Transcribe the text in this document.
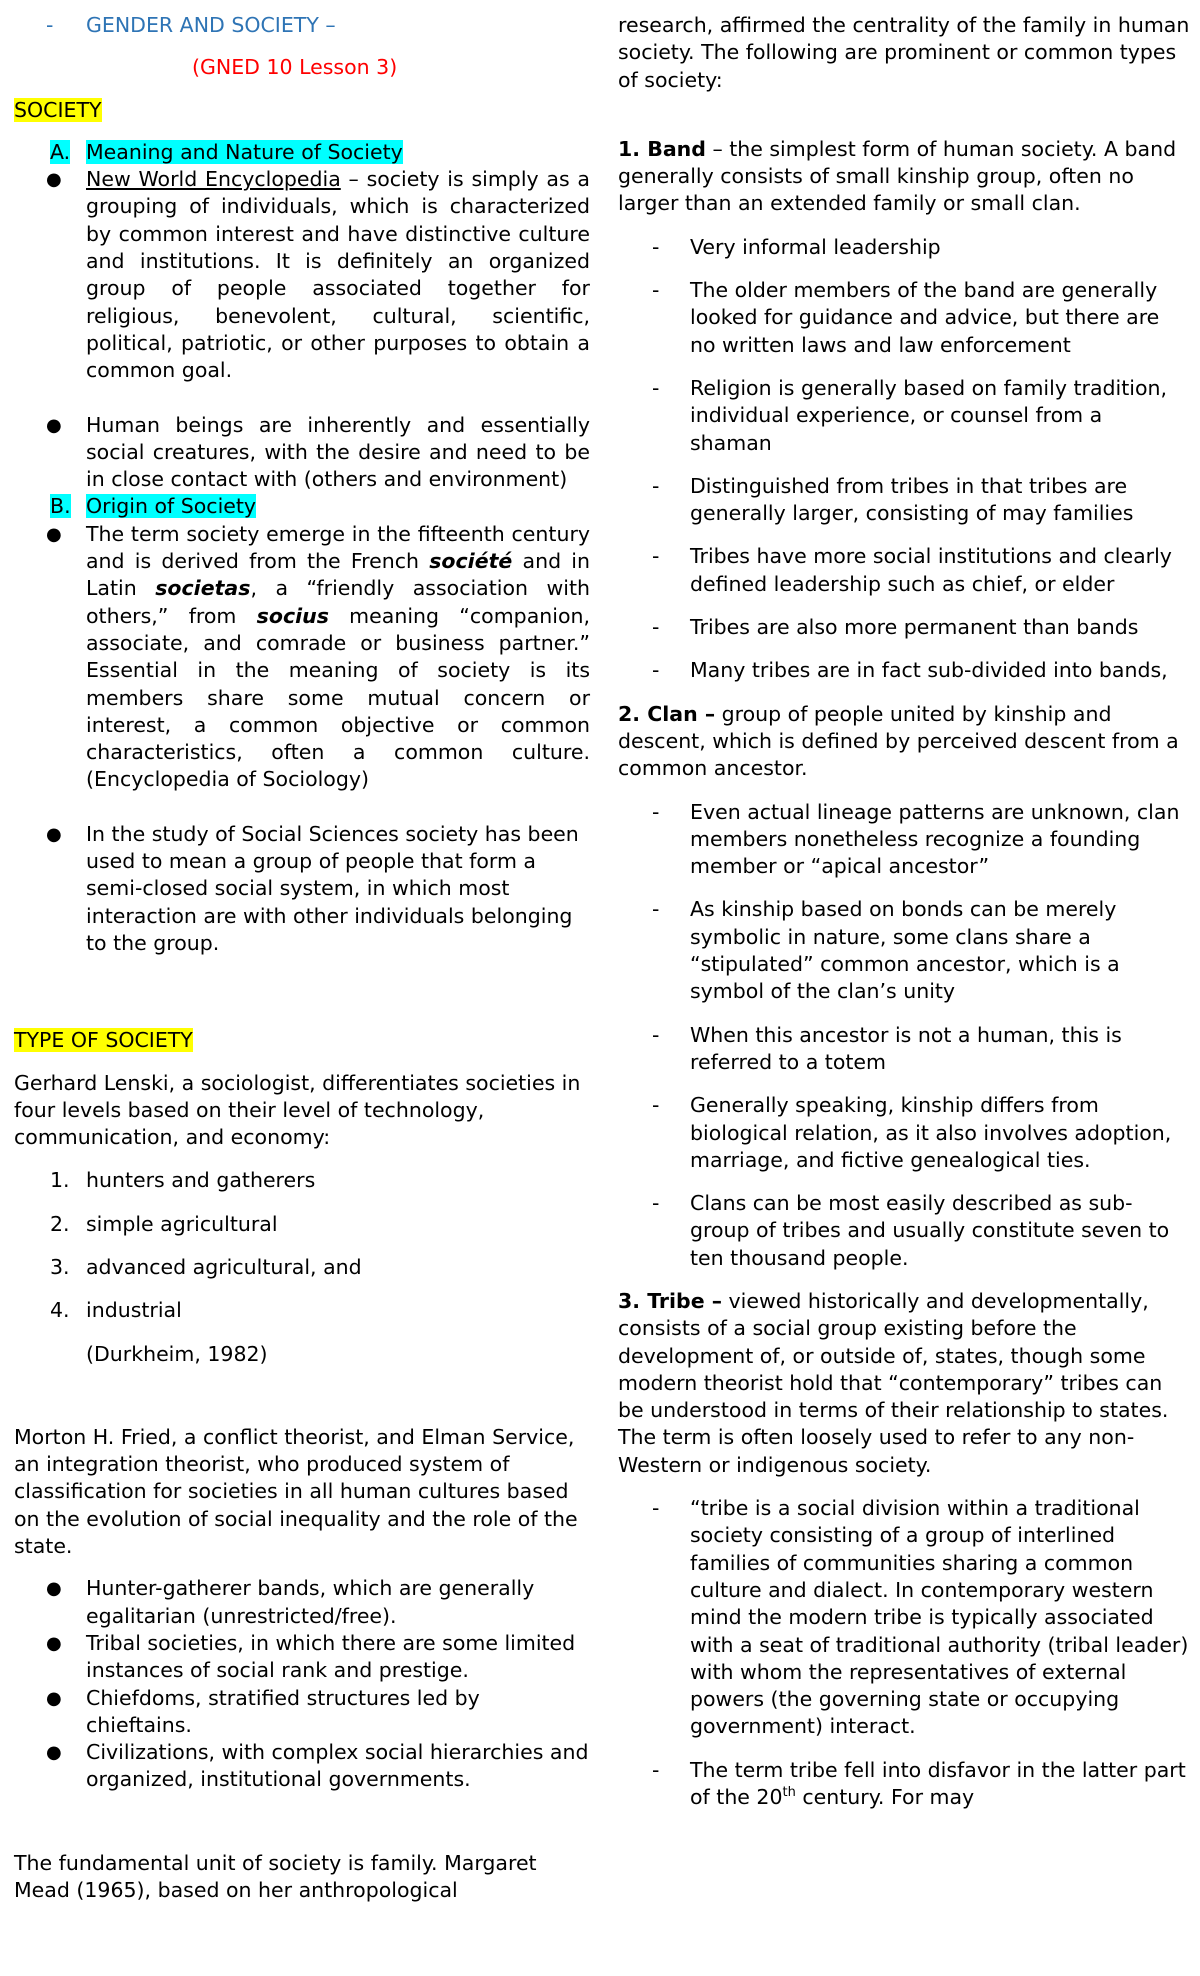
-	GENDER AND SOCIETY –

(GNED 10 Lesson 3)

SOCIETY

A. Meaning and Nature of Society
●	New World Encyclopedia – society is simply as a grouping of individuals, which is characterized by common interest and have distinctive culture and institutions. It is definitely an organized group of people associated together for religious, benevolent, cultural, scientific, political, patriotic, or other purposes to obtain a common goal.

●	Human beings are inherently and essentially social creatures, with the desire and need to be in close contact with (others and environment)

B. Origin of Society
●	The term society emerge in the fifteenth century and is derived from the French société and in Latin societas, a “friendly association with others,” from socius meaning “companion, associate, and comrade or business partner.” Essential in the meaning of society is its members share some mutual concern or interest, a common objective or common characteristics, often a common culture. (Encyclopedia of Sociology)

●	In the study of Social Sciences society has been used to mean a group of people that form a semi-closed social system, in which most interaction are with other individuals belonging to the group.

TYPE OF SOCIETY

Gerhard Lenski, a sociologist, differentiates societies in four levels based on their level of technology, communication, and economy:

1. hunters and gatherers
2. simple agricultural
3. advanced agricultural, and
4. industrial

(Durkheim, 1982)

Morton H. Fried, a conflict theorist, and Elman Service, an integration theorist, who produced system of classification for societies in all human cultures based on the evolution of social inequality and the role of the state.

●	Hunter-gatherer bands, which are generally egalitarian (unrestricted/free).

●	Tribal societies, in which there are some limited instances of social rank and prestige.

●	Chiefdoms, stratified structures led by chieftains.

●	Civilizations, with complex social hierarchies and organized, institutional governments.

The fundamental unit of society is family. Margaret Mead (1965), based on her anthropological

research, affirmed the centrality of the family in human society. The following are prominent or common types of society:

1. Band – the simplest form of human society. A band generally consists of small kinship group, often no larger than an extended family or small clan.

-	Very informal leadership

-	The older members of the band are generally looked for guidance and advice, but there are no written laws and law enforcement

-	Religion is generally based on family tradition, individual experience, or counsel from a shaman

-	Distinguished from tribes in that tribes are generally larger, consisting of may families

-	Tribes have more social institutions and clearly defined leadership such as chief, or elder

-	Tribes are also more permanent than bands

-	Many tribes are in fact sub-divided into bands,

2. Clan – group of people united by kinship and descent, which is defined by perceived descent from a common ancestor.

-	Even actual lineage patterns are unknown, clan members nonetheless recognize a founding member or “apical ancestor”

-	As kinship based on bonds can be merely symbolic in nature, some clans share a “stipulated” common ancestor, which is a symbol of the clan’s unity

-	When this ancestor is not a human, this is referred to a totem

-	Generally speaking, kinship differs from biological relation, as it also involves adoption, marriage, and fictive genealogical ties.

-	Clans can be most easily described as sub-group of tribes and usually constitute seven to ten thousand people.

3. Tribe – viewed historically and developmentally, consists of a social group existing before the development of, or outside of, states, though some modern theorist hold that “contemporary” tribes can be understood in terms of their relationship to states. The term is often loosely used to refer to any non-Western or indigenous society.

-	“tribe is a social division within a traditional society consisting of a group of interlined families of communities sharing a common culture and dialect. In contemporary western mind the modern tribe is typically associated with a seat of traditional authority (tribal leader) with whom the representatives of external powers (the governing state or occupying government) interact.

-	The term tribe fell into disfavor in the latter part of the 20th century. For may
